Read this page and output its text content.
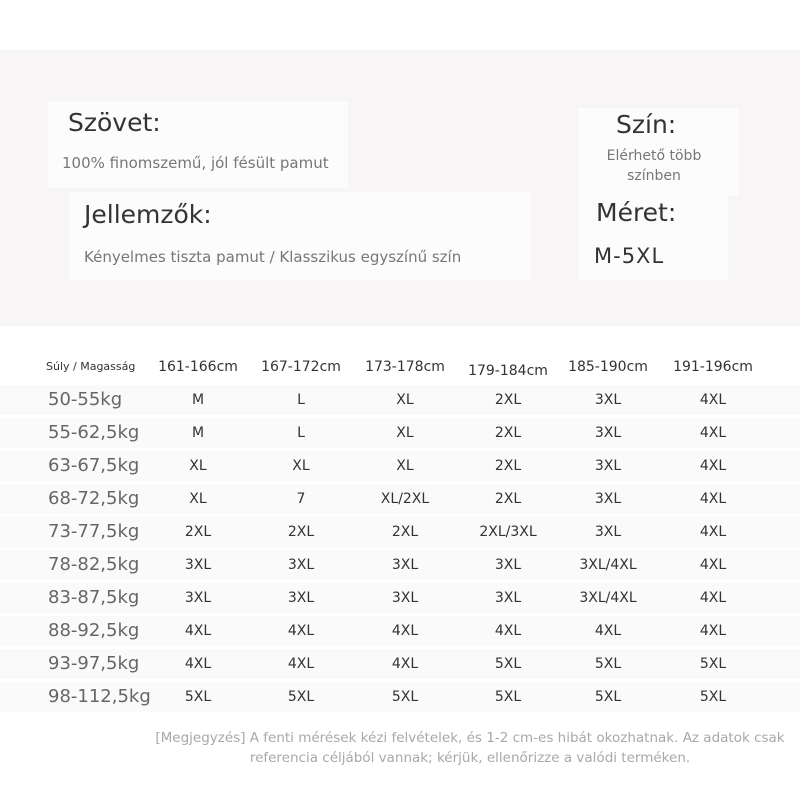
Szövet:
100% finomszemű, jól fésült pamut
Szín:
Elérhető több
színben
Jellemzők:
Kényelmes tiszta pamut / Klasszikus egyszínű szín
Méret:
M-5XL
Súly / Magasság	161-166cm	167-172cm	173-178cm	179-184cm	185-190cm	191-196cm
50-55kg	M	L	XL	2XL	3XL	4XL
55-62,5kg	M	L	XL	2XL	3XL	4XL
63-67,5kg	XL	XL	XL	2XL	3XL	4XL
68-72,5kg	XL	7	XL/2XL	2XL	3XL	4XL
73-77,5kg	2XL	2XL	2XL	2XL/3XL	3XL	4XL
78-82,5kg	3XL	3XL	3XL	3XL	3XL/4XL	4XL
83-87,5kg	3XL	3XL	3XL	3XL	3XL/4XL	4XL
88-92,5kg	4XL	4XL	4XL	4XL	4XL	4XL
93-97,5kg	4XL	4XL	4XL	5XL	5XL	5XL
98-112,5kg	5XL	5XL	5XL	5XL	5XL	5XL
[Megjegyzés] A fenti mérések kézi felvételek, és 1-2 cm-es hibát okozhatnak. Az adatok csak referencia céljából vannak; kérjük, ellenőrizze a valódi terméken.
